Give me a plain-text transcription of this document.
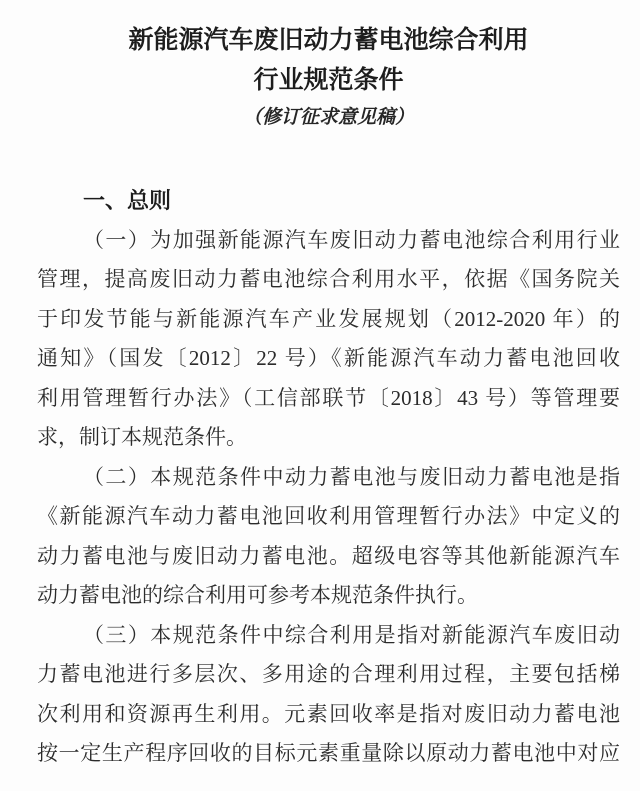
新能源汽车废旧动力蓄电池综合利用
行业规范条件
（修订征求意见稿）
一、总则
（一）为加强新能源汽车废旧动力蓄电池综合利用行业
管理，提高废旧动力蓄电池综合利用水平，依据《国务院关
于印发节能与新能源汽车产业发展规划（2012-2020 年）的
通知》（国发〔2012〕22 号）《新能源汽车动力蓄电池回收
利用管理暂行办法》（工信部联节〔2018〕43 号）等管理要
求，制订本规范条件。
（二）本规范条件中动力蓄电池与废旧动力蓄电池是指
《新能源汽车动力蓄电池回收利用管理暂行办法》中定义的
动力蓄电池与废旧动力蓄电池。超级电容等其他新能源汽车
动力蓄电池的综合利用可参考本规范条件执行。
（三）本规范条件中综合利用是指对新能源汽车废旧动
力蓄电池进行多层次、多用途的合理利用过程，主要包括梯
次利用和资源再生利用。元素回收率是指对废旧动力蓄电池
按一定生产程序回收的目标元素重量除以原动力蓄电池中对应
